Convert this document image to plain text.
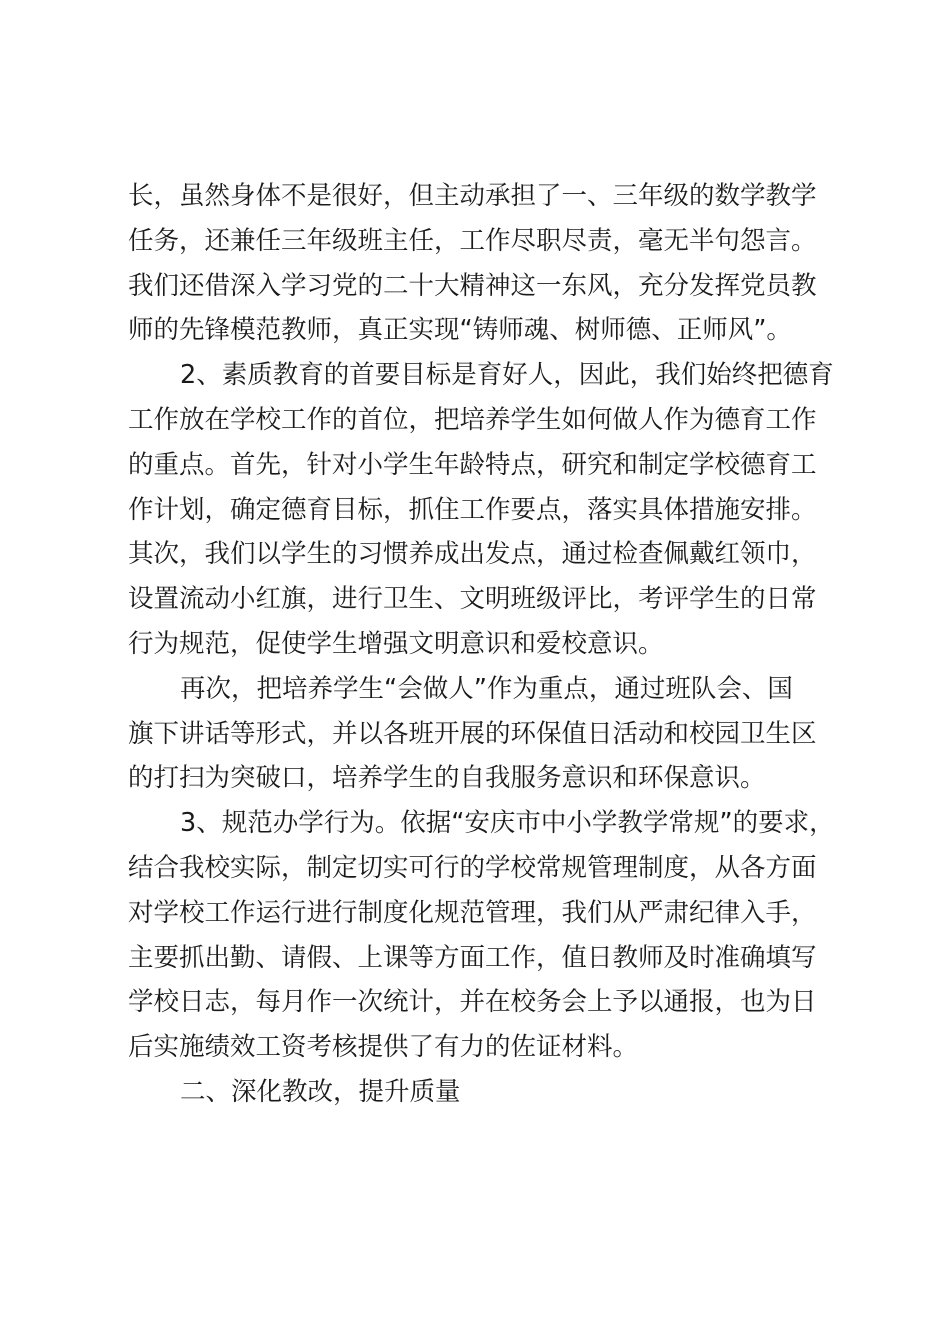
长，虽然身体不是很好，但主动承担了一、三年级的数学教学
任务，还兼任三年级班主任，工作尽职尽责，毫无半句怨言。
我们还借深入学习党的二十大精神这一东风，充分发挥党员教
师的先锋模范教师，真正实现“铸师魂、树师德、正师风”。

2、素质教育的首要目标是育好人，因此，我们始终把德育
工作放在学校工作的首位，把培养学生如何做人作为德育工作
的重点。首先，针对小学生年龄特点，研究和制定学校德育工
作计划，确定德育目标，抓住工作要点，落实具体措施安排。
其次，我们以学生的习惯养成出发点，通过检查佩戴红领巾，
设置流动小红旗，进行卫生、文明班级评比，考评学生的日常
行为规范，促使学生增强文明意识和爱校意识。

再次，把培养学生“会做人”作为重点，通过班队会、国
旗下讲话等形式，并以各班开展的环保值日活动和校园卫生区
的打扫为突破口，培养学生的自我服务意识和环保意识。

3、规范办学行为。依据“安庆市中小学教学常规”的要求，
结合我校实际，制定切实可行的学校常规管理制度，从各方面
对学校工作运行进行制度化规范管理，我们从严肃纪律入手，
主要抓出勤、请假、上课等方面工作，值日教师及时准确填写
学校日志，每月作一次统计，并在校务会上予以通报，也为日
后实施绩效工资考核提供了有力的佐证材料。

二、深化教改，提升质量
